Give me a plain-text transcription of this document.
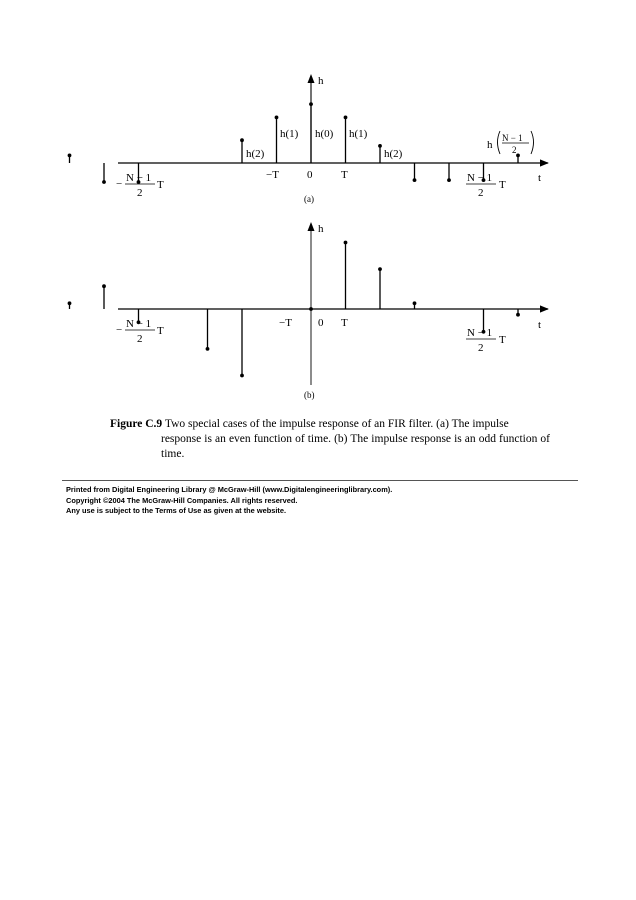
h
t
h(2)
h(1) h(0) h(1)
h(2)
−T	0	T
− N − 1
2
T
N − 1
2
T
h
N − 1
2
(a)
h
t
−T 0 T
− N − 1
2
T	N − 1
2
T
(b)
Figure C.9 Two special cases of the impulse response of an FIR filter. (a) The impulse
response is an even function of time. (b) The impulse response is an odd function of time.
Printed from Digital Engineering Library @ McGraw-Hill (www.Digitalengineeringlibrary.com).
Copyright ©2004 The McGraw-Hill Companies. All rights reserved.
Any use is subject to the Terms of Use as given at the website.
